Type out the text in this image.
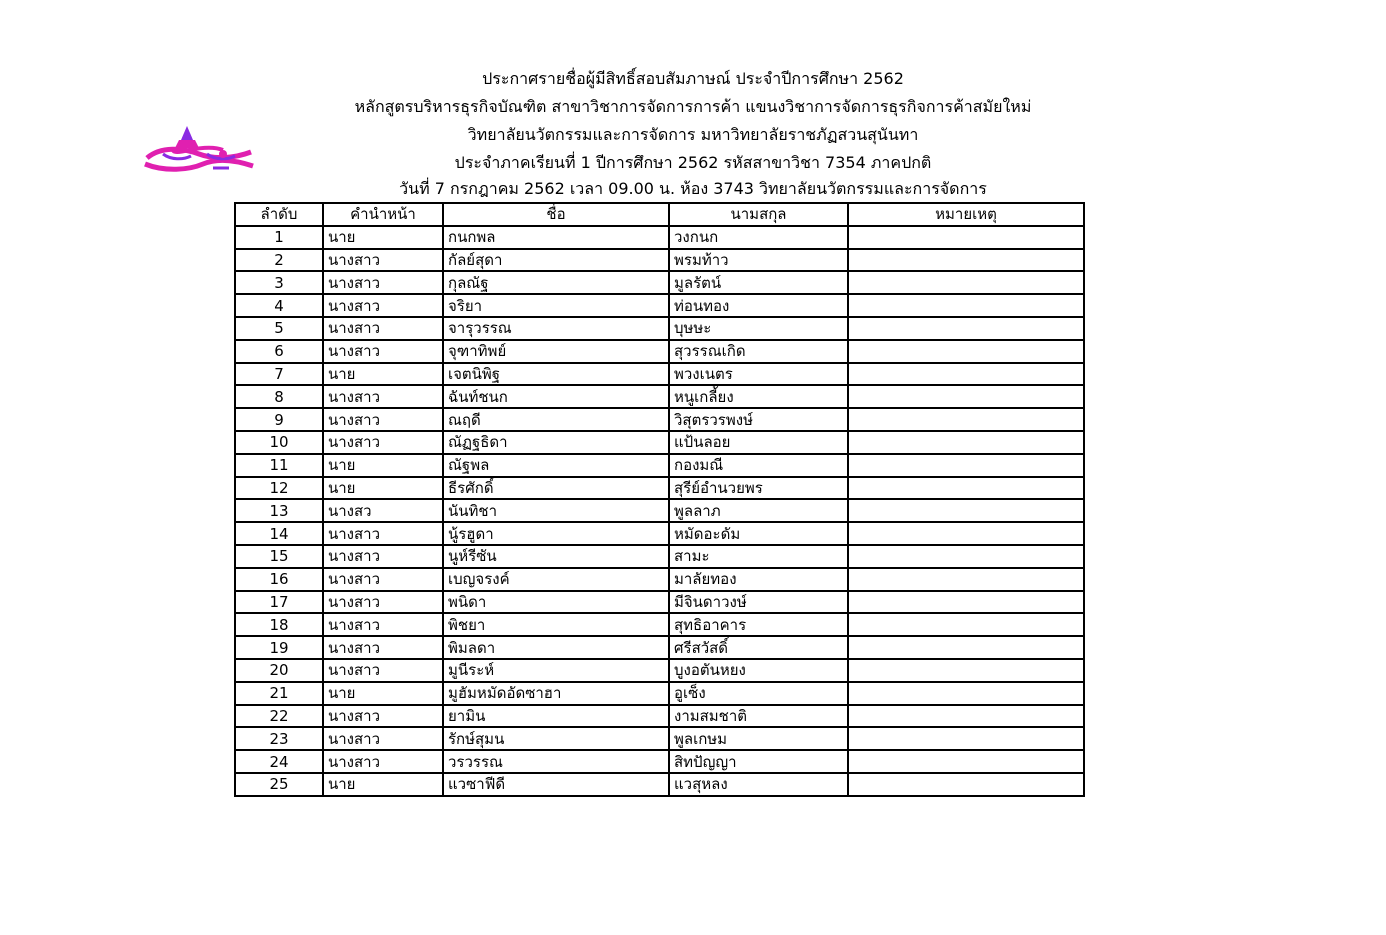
ประกาศรายชื่อผู้มีสิทธิ์สอบสัมภาษณ์ ประจำปีการศึกษา 2562
หลักสูตรบริหารธุรกิจบัณฑิต สาขาวิชาการจัดการการค้า แขนงวิชาการจัดการธุรกิจการค้าสมัยใหม่
วิทยาลัยนวัตกรรมและการจัดการ มหาวิทยาลัยราชภัฏสวนสุนันทา
ประจำภาคเรียนที่ 1 ปีการศึกษา 2562 รหัสสาขาวิชา 7354 ภาคปกติ
วันที่ 7 กรกฎาคม 2562 เวลา 09.00 น. ห้อง 3743 วิทยาลัยนวัตกรรมและการจัดการ
ลำดับ	คำนำหน้า	ชื่อ	นามสกุล	หมายเหตุ
1	นาย	กนกพล	วงกนก	
2	นางสาว	กัลย์สุดา	พรมท้าว	
3	นางสาว	กุลณัฐ	มูลรัตน์	
4	นางสาว	จริยา	ท่อนทอง	
5	นางสาว	จารุวรรณ	บุษษะ	
6	นางสาว	จุฑาทิพย์	สุวรรณเกิด	
7	นาย	เจตนิพิฐ	พวงเนตร	
8	นางสาว	ฉันท์ชนก	หนูเกลี้ยง	
9	นางสาว	ณฤดี	วิสุตรวรพงษ์	
10	นางสาว	ณัฏฐธิดา	แป้นลอย	
11	นาย	ณัฐพล	กองมณี	
12	นาย	ธีรศักดิ์	สุรีย์อำนวยพร	
13	นางสว	นันทิชา	พูลลาภ	
14	นางสาว	นู้รฮูดา	หมัดอะดัม	
15	นางสาว	นูห์รีซัน	สามะ	
16	นางสาว	เบญจรงค์	มาลัยทอง	
17	นางสาว	พนิดา	มีจินดาวงษ์	
18	นางสาว	พิชยา	สุทธิอาคาร	
19	นางสาว	พิมลดา	ศรีสวัสดิ์	
20	นางสาว	มูนีระห์	บูงอตันหยง	
21	นาย	มูฮัมหมัดอัดซาฮา	อูเซ็ง	
22	นางสาว	ยามิน	งามสมชาติ	
23	นางสาว	รักษ์สุมน	พูลเกษม	
24	นางสาว	วรวรรณ	สิทปัญญา	
25	นาย	แวซาฟีดี	แวสุหลง	
